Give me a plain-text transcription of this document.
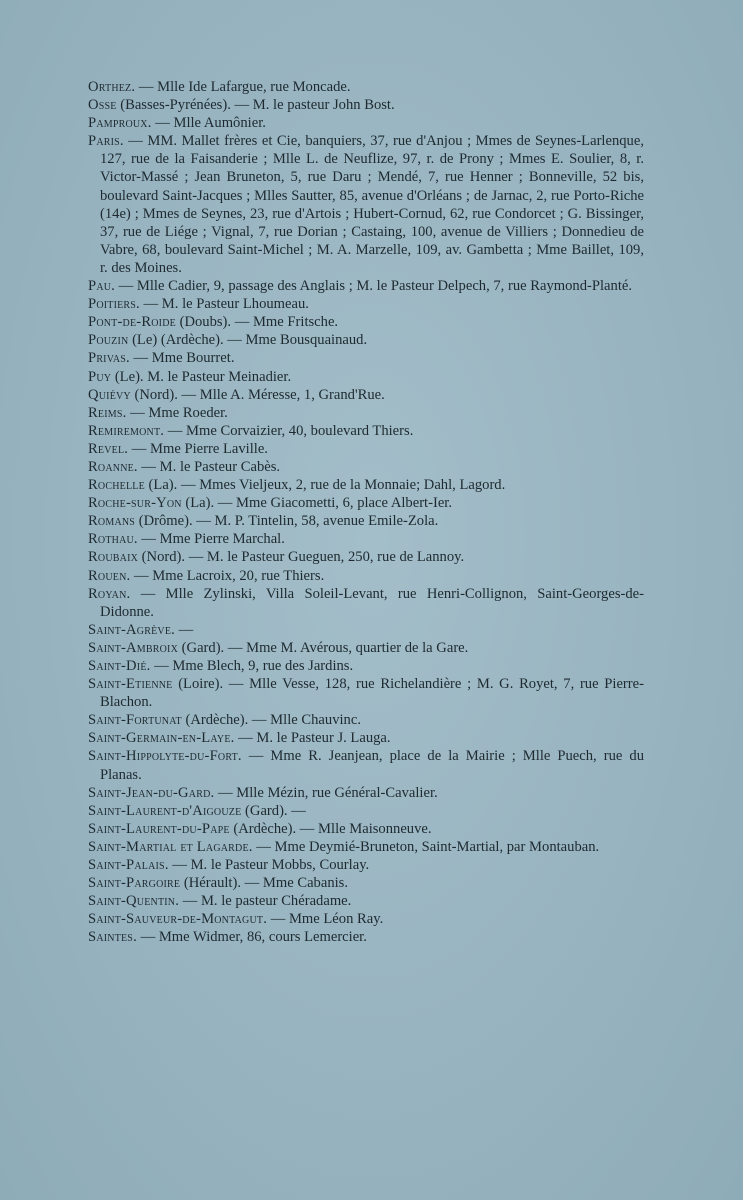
Orthez. — Mlle Ide Lafargue, rue Moncade.
Osse (Basses-Pyrénées). — M. le pasteur John Bost.
Pamproux. — Mlle Aumônier.
Paris. — MM. Mallet frères et Cie, banquiers, 37, rue d'Anjou ; Mmes de Seynes-Larlenque, 127, rue de la Faisanderie ; Mlle L. de Neuflize, 97, r. de Prony ; Mmes E. Soulier, 8, r. Victor-Massé ; Jean Bruneton, 5, rue Daru ; Mendé, 7, rue Henner ; Bonneville, 52 bis, boulevard Saint-Jacques ; Mlles Sautter, 85, avenue d'Orléans ; de Jarnac, 2, rue Porto-Riche (14e) ; Mmes de Seynes, 23, rue d'Artois ; Hubert-Cornud, 62, rue Condorcet ; G. Bissinger, 37, rue de Liége ; Vignal, 7, rue Dorian ; Castaing, 100, avenue de Villiers ; Donnedieu de Vabre, 68, boulevard Saint-Michel ; M. A. Marzelle, 109, av. Gambetta ; Mme Baillet, 109, r. des Moines.
Pau. — Mlle Cadier, 9, passage des Anglais ; M. le Pasteur Delpech, 7, rue Raymond-Planté.
Poitiers. — M. le Pasteur Lhoumeau.
Pont-de-Roide (Doubs). — Mme Fritsche.
Pouzin (Le) (Ardèche). — Mme Bousquainaud.
Privas. — Mme Bourret.
Puy (Le). M. le Pasteur Meinadier.
Quiévy (Nord). — Mlle A. Méresse, 1, Grand'Rue.
Reims. — Mme Roeder.
Remiremont. — Mme Corvaizier, 40, boulevard Thiers.
Revel. — Mme Pierre Laville.
Roanne. — M. le Pasteur Cabès.
Rochelle (La). — Mmes Vieljeux, 2, rue de la Monnaie; Dahl, Lagord.
Roche-sur-Yon (La). — Mme Giacometti, 6, place Albert-Ier.
Romans (Drôme). — M. P. Tintelin, 58, avenue Emile-Zola.
Rothau. — Mme Pierre Marchal.
Roubaix (Nord). — M. le Pasteur Gueguen, 250, rue de Lannoy.
Rouen. — Mme Lacroix, 20, rue Thiers.
Royan. — Mlle Zylinski, Villa Soleil-Levant, rue Henri-Collignon, Saint-Georges-de-Didonne.
Saint-Agrève. —
Saint-Ambroix (Gard). — Mme M. Avérous, quartier de la Gare.
Saint-Dié. — Mme Blech, 9, rue des Jardins.
Saint-Etienne (Loire). — Mlle Vesse, 128, rue Richelandière ; M. G. Royet, 7, rue Pierre-Blachon.
Saint-Fortunat (Ardèche). — Mlle Chauvinc.
Saint-Germain-en-Laye. — M. le Pasteur J. Lauga.
Saint-Hippolyte-du-Fort. — Mme R. Jeanjean, place de la Mairie ; Mlle Puech, rue du Planas.
Saint-Jean-du-Gard. — Mlle Mézin, rue Général-Cavalier.
Saint-Laurent-d'Aigouze (Gard). —
Saint-Laurent-du-Pape (Ardèche). — Mlle Maisonneuve.
Saint-Martial et Lagarde. — Mme Deymié-Bruneton, Saint-Martial, par Montauban.
Saint-Palais. — M. le Pasteur Mobbs, Courlay.
Saint-Pargoire (Hérault). — Mme Cabanis.
Saint-Quentin. — M. le pasteur Chéradame.
Saint-Sauveur-de-Montagut. — Mme Léon Ray.
Saintes. — Mme Widmer, 86, cours Lemercier.
